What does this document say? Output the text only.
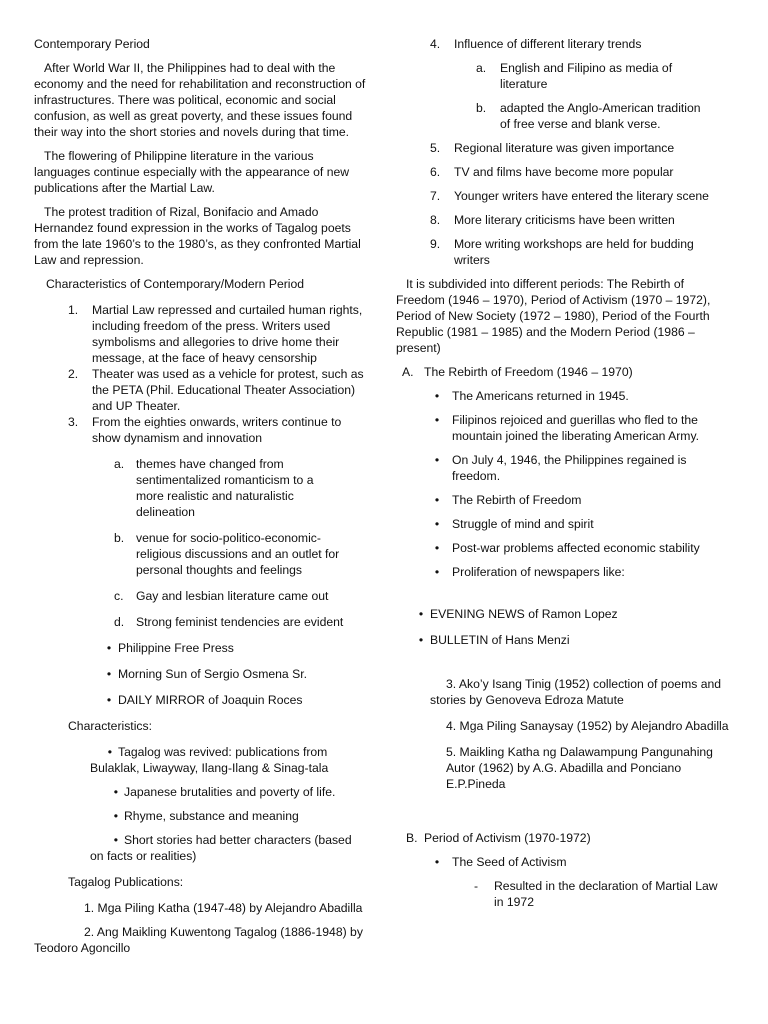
Contemporary Period

After World War II, the Philippines had to deal with the economy and the need for rehabilitation and reconstruction of infrastructures. There was political, economic and social confusion, as well as great poverty, and these issues found their way into the short stories and novels during that time.

The flowering of Philippine literature in the various languages continue especially with the appearance of new publications after the Martial Law.

The protest tradition of Rizal, Bonifacio and Amado Hernandez found expression in the works of Tagalog poets from the late 1960’s to the 1980’s, as they confronted Martial Law and repression.

Characteristics of Contemporary/Modern Period

1.	Martial Law repressed and curtailed human rights, including freedom of the press. Writers used symbolisms and allegories to drive home their message, at the face of heavy censorship
2.	Theater was used as a vehicle for protest, such as the PETA (Phil. Educational Theater Association) and UP Theater.
3.	From the eighties onwards, writers continue to show dynamism and innovation
a. themes have changed from sentimentalized romanticism to a more realistic and naturalistic delineation
b. venue for socio-politico-economic-religious discussions and an outlet for personal thoughts and feelings
c.	Gay and lesbian literature came out
d. Strong feminist tendencies are evident
• Philippine Free Press
• Morning Sun of Sergio Osmena Sr.
• DAILY MIRROR of Joaquin Roces

Characteristics:

• Tagalog was revived: publications from Bulaklak, Liwayway, Ilang-Ilang & Sinag-tala
• Japanese brutalities and poverty of life.
• Rhyme, substance and meaning
• Short stories had better characters (based on facts or realities)

Tagalog Publications:

1. Mga Piling Katha (1947-48) by Alejandro Abadilla

2. Ang Maikling Kuwentong Tagalog (1886-1948) by Teodoro Agoncillo

4.	Influence of different literary trends
a.	English and Filipino as media of literature
b.	adapted the Anglo-American tradition of free verse and blank verse.
5.	Regional literature was given importance
6.	TV and films have become more popular
7.	Younger writers have entered the literary scene
8.	More literary criticisms have been written
9.	More writing workshops are held for budding writers

It is subdivided into different periods: The Rebirth of Freedom (1946 – 1970), Period of Activism (1970 – 1972), Period of New Society (1972 – 1980), Period of the Fourth Republic (1981 – 1985) and the Modern Period (1986 – present)

A. The Rebirth of Freedom (1946 – 1970)
•	The Americans returned in 1945.
•	Filipinos rejoiced and guerillas who fled to the mountain joined the liberating American Army.
•	On July 4, 1946, the Philippines regained is freedom.
•	The Rebirth of Freedom
•	Struggle of mind and spirit
•	Post-war problems affected economic stability
•	Proliferation of newspapers like:
• EVENING NEWS of Ramon Lopez
• BULLETIN of Hans Menzi

3. Ako’y Isang Tinig (1952) collection of poems and stories by Genoveva Edroza Matute

4. Mga Piling Sanaysay (1952) by Alejandro Abadilla

5. Maikling Katha ng Dalawampung Pangunahing Autor (1962) by A.G. Abadilla and Ponciano E.P.Pineda

B. Period of Activism (1970-1972)
•	The Seed of Activism
-	Resulted in the declaration of Martial Law in 1972
